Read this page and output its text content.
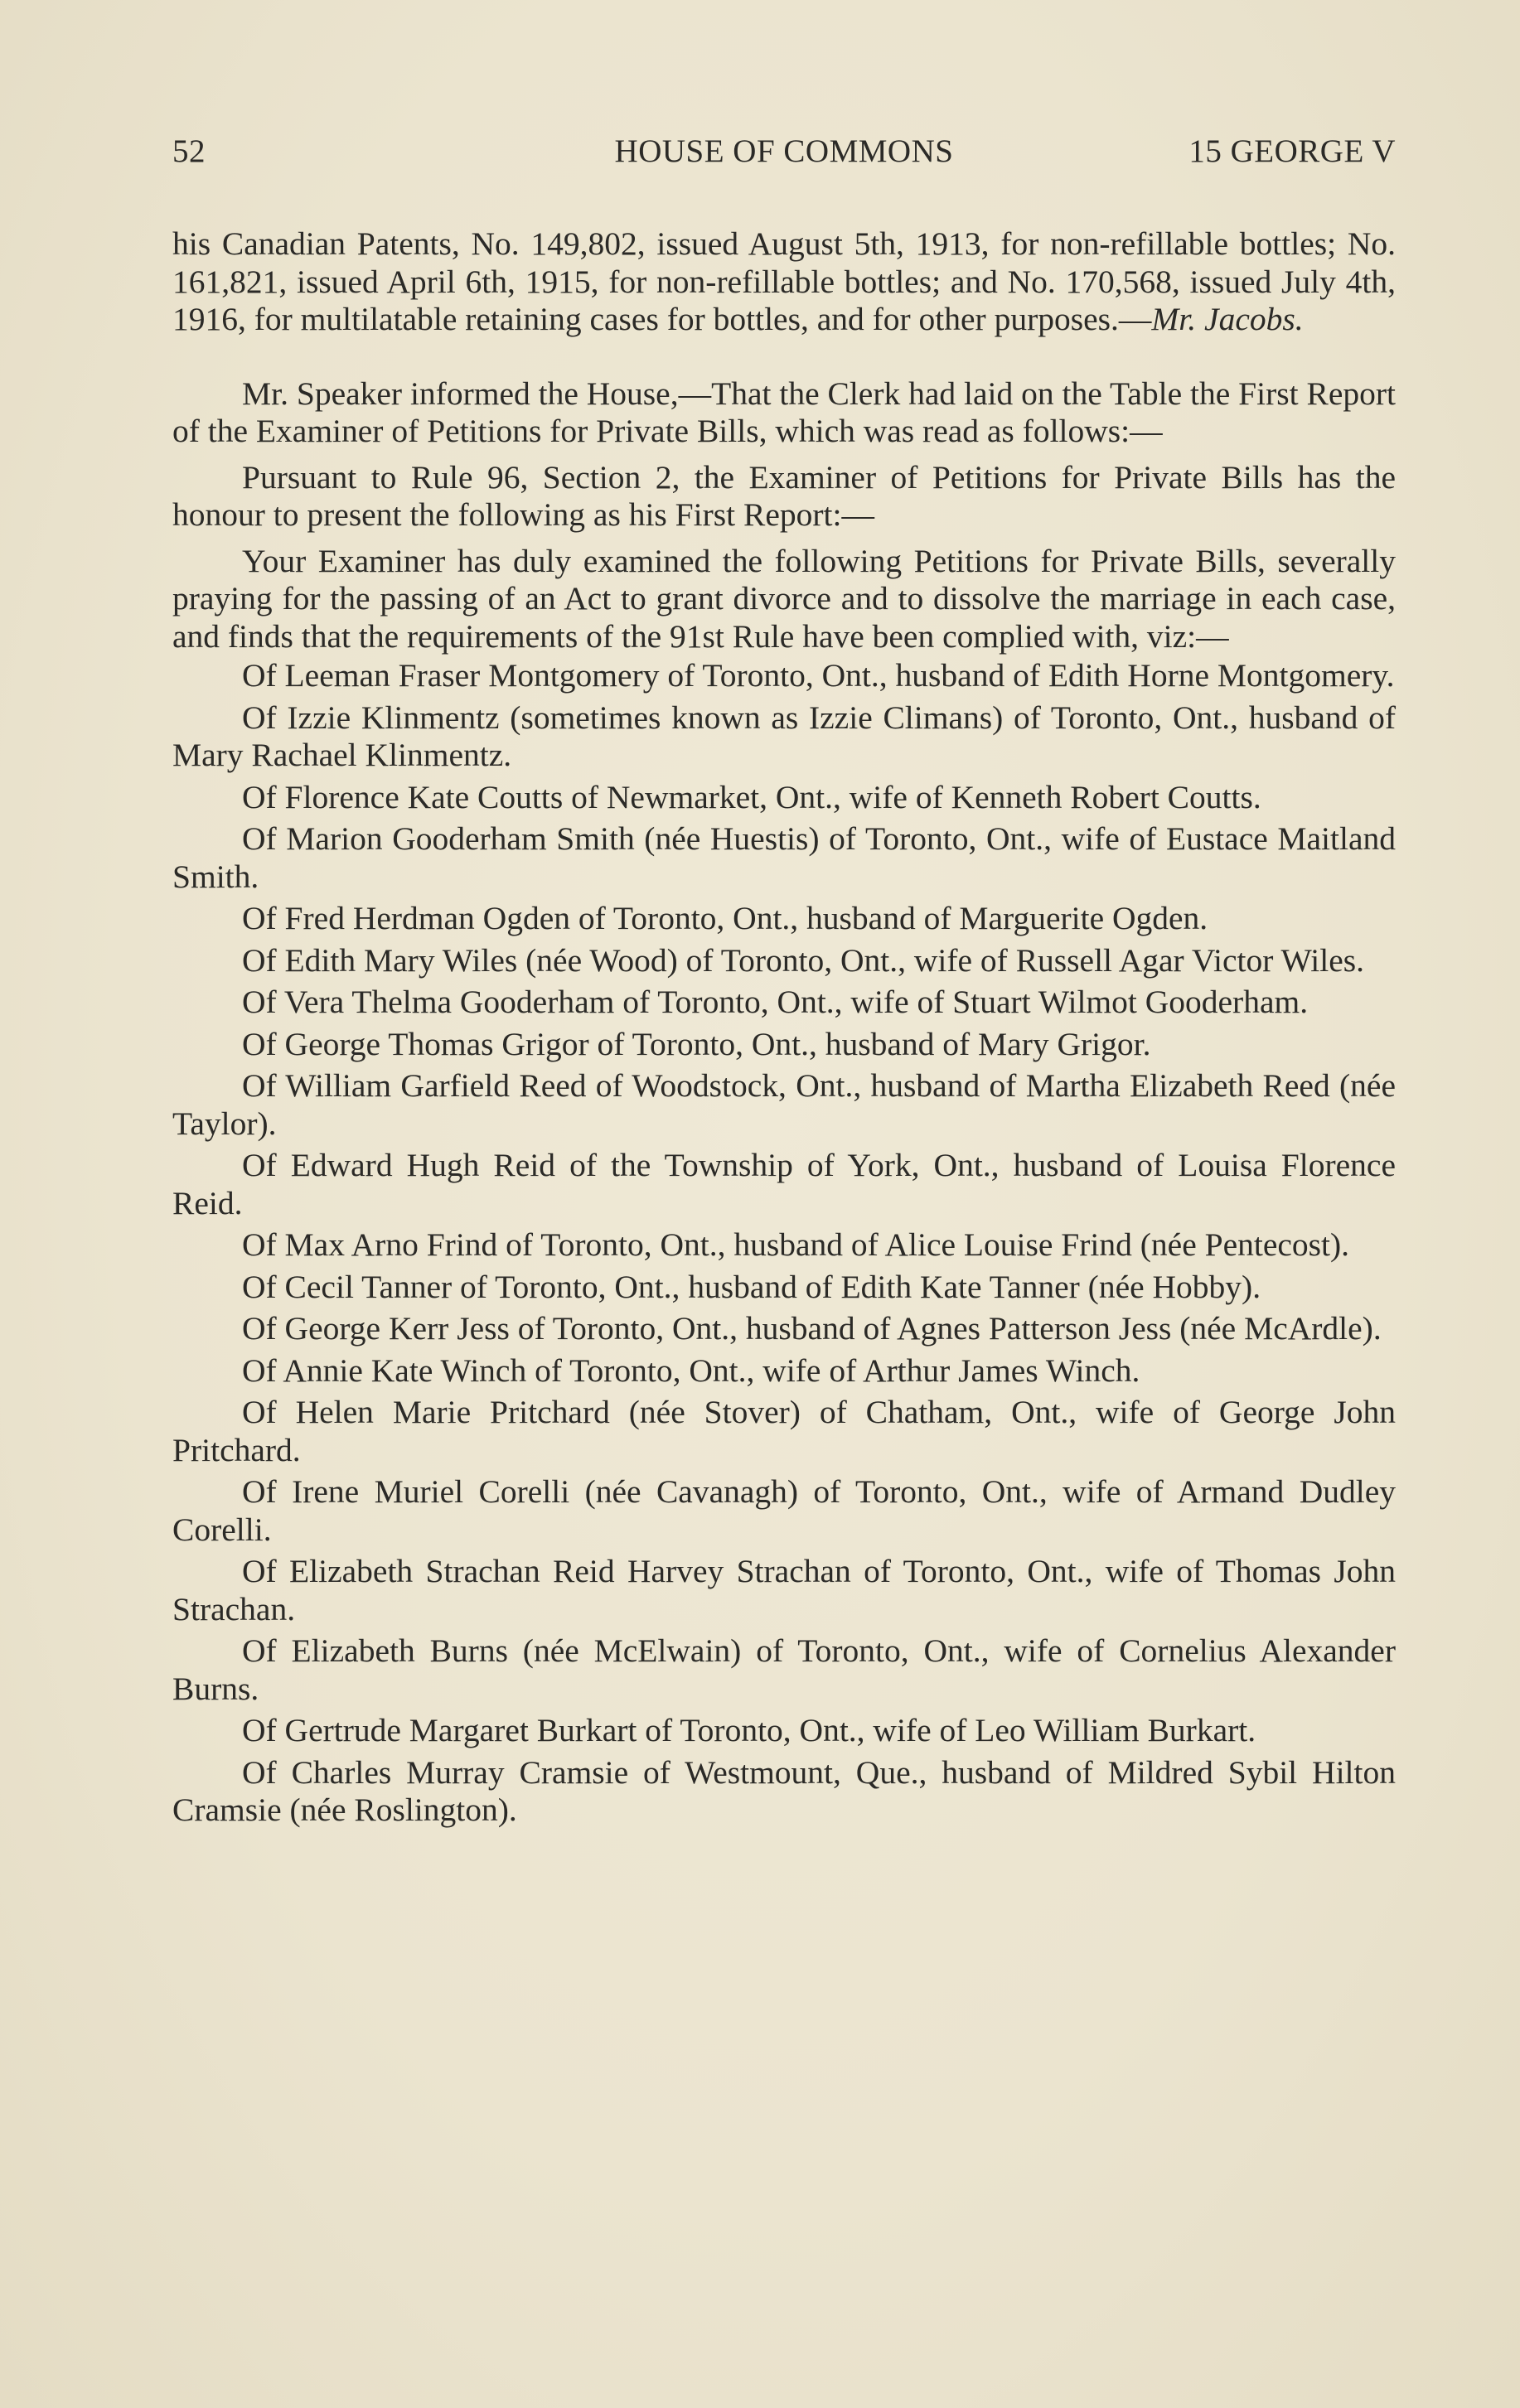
52	HOUSE OF COMMONS	15 GEORGE V

his Canadian Patents, No. 149,802, issued August 5th, 1913, for non-refillable bottles; No. 161,821, issued April 6th, 1915, for non-refillable bottles; and No. 170,568, issued July 4th, 1916, for multilatable retaining cases for bottles, and for other purposes.—Mr. Jacobs.

Mr. Speaker informed the House,—That the Clerk had laid on the Table the First Report of the Examiner of Petitions for Private Bills, which was read as follows:—

Pursuant to Rule 96, Section 2, the Examiner of Petitions for Private Bills has the honour to present the following as his First Report:—

Your Examiner has duly examined the following Petitions for Private Bills, severally praying for the passing of an Act to grant divorce and to dissolve the marriage in each case, and finds that the requirements of the 91st Rule have been complied with, viz:—

Of Leeman Fraser Montgomery of Toronto, Ont., husband of Edith Horne Montgomery.
Of Izzie Klinmentz (sometimes known as Izzie Climans) of Toronto, Ont., husband of Mary Rachael Klinmentz.
Of Florence Kate Coutts of Newmarket, Ont., wife of Kenneth Robert Coutts.
Of Marion Gooderham Smith (née Huestis) of Toronto, Ont., wife of Eustace Maitland Smith.
Of Fred Herdman Ogden of Toronto, Ont., husband of Marguerite Ogden.
Of Edith Mary Wiles (née Wood) of Toronto, Ont., wife of Russell Agar Victor Wiles.
Of Vera Thelma Gooderham of Toronto, Ont., wife of Stuart Wilmot Gooderham.
Of George Thomas Grigor of Toronto, Ont., husband of Mary Grigor.
Of William Garfield Reed of Woodstock, Ont., husband of Martha Elizabeth Reed (née Taylor).
Of Edward Hugh Reid of the Township of York, Ont., husband of Louisa Florence Reid.
Of Max Arno Frind of Toronto, Ont., husband of Alice Louise Frind (née Pentecost).
Of Cecil Tanner of Toronto, Ont., husband of Edith Kate Tanner (née Hobby).
Of George Kerr Jess of Toronto, Ont., husband of Agnes Patterson Jess (née McArdle).
Of Annie Kate Winch of Toronto, Ont., wife of Arthur James Winch.
Of Helen Marie Pritchard (née Stover) of Chatham, Ont., wife of George John Pritchard.
Of Irene Muriel Corelli (née Cavanagh) of Toronto, Ont., wife of Armand Dudley Corelli.
Of Elizabeth Strachan Reid Harvey Strachan of Toronto, Ont., wife of Thomas John Strachan.
Of Elizabeth Burns (née McElwain) of Toronto, Ont., wife of Cornelius Alexander Burns.
Of Gertrude Margaret Burkart of Toronto, Ont., wife of Leo William Burkart.
Of Charles Murray Cramsie of Westmount, Que., husband of Mildred Sybil Hilton Cramsie (née Roslington).
